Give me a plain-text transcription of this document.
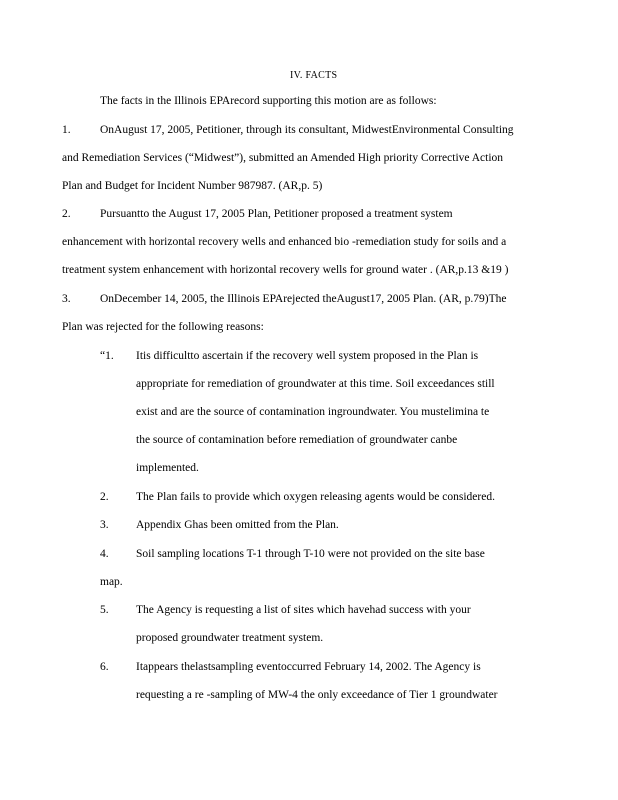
IV. FACTS
The facts in the Illinois EPArecord supporting this motion are as follows:
1.	OnAugust 17, 2005, Petitioner, through its consultant, MidwestEnvironmental Consulting
and Remediation Services (“Midwest”), submitted an Amended High priority Corrective Action
Plan and Budget for Incident Number 987987. (AR,p. 5)
2.	Pursuantto the August 17, 2005 Plan, Petitioner proposed a treatment system
enhancement with horizontal recovery wells and enhanced bio -remediation study for soils and a
treatment system enhancement with horizontal recovery wells for ground water . (AR,p.13 &19 )
3.	OnDecember 14, 2005, the Illinois EPArejected theAugust17, 2005 Plan. (AR, p.79)The
Plan was rejected for the following reasons:
“1. Itis difficultto ascertain if the recovery well system proposed in the Plan is
appropriate for remediation of groundwater at this time. Soil exceedances still
exist and are the source of contamination ingroundwater. You mustelimina te
the source of contamination before remediation of groundwater canbe
implemented.
2. The Plan fails to provide which oxygen releasing agents would be considered.
3. Appendix Ghas been omitted from the Plan.
4. Soil sampling locations T-1 through T-10 were not provided on the site base
map.
5. The Agency is requesting a list of sites which havehad success with your
proposed groundwater treatment system.
6. Itappears thelastsampling eventoccurred February 14, 2002. The Agency is
requesting a re -sampling of MW-4 the only exceedance of Tier 1 groundwater
